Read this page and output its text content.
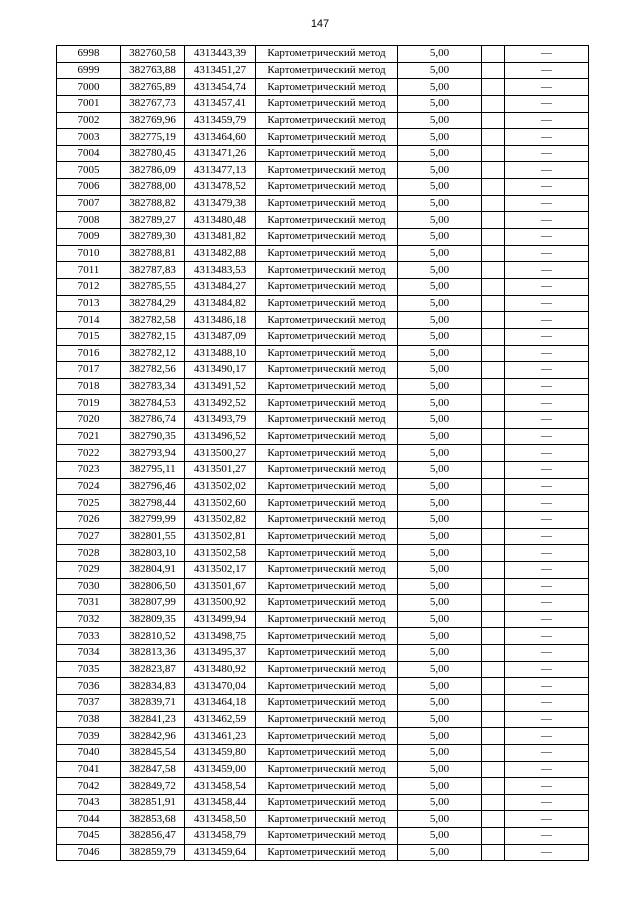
147
6998	382760,58	4313443,39	Картометрический метод	5,00		—
6999	382763,88	4313451,27	Картометрический метод	5,00		—
7000	382765,89	4313454,74	Картометрический метод	5,00		—
7001	382767,73	4313457,41	Картометрический метод	5,00		—
7002	382769,96	4313459,79	Картометрический метод	5,00		—
7003	382775,19	4313464,60	Картометрический метод	5,00		—
7004	382780,45	4313471,26	Картометрический метод	5,00		—
7005	382786,09	4313477,13	Картометрический метод	5,00		—
7006	382788,00	4313478,52	Картометрический метод	5,00		—
7007	382788,82	4313479,38	Картометрический метод	5,00		—
7008	382789,27	4313480,48	Картометрический метод	5,00		—
7009	382789,30	4313481,82	Картометрический метод	5,00		—
7010	382788,81	4313482,88	Картометрический метод	5,00		—
7011	382787,83	4313483,53	Картометрический метод	5,00		—
7012	382785,55	4313484,27	Картометрический метод	5,00		—
7013	382784,29	4313484,82	Картометрический метод	5,00		—
7014	382782,58	4313486,18	Картометрический метод	5,00		—
7015	382782,15	4313487,09	Картометрический метод	5,00		—
7016	382782,12	4313488,10	Картометрический метод	5,00		—
7017	382782,56	4313490,17	Картометрический метод	5,00		—
7018	382783,34	4313491,52	Картометрический метод	5,00		—
7019	382784,53	4313492,52	Картометрический метод	5,00		—
7020	382786,74	4313493,79	Картометрический метод	5,00		—
7021	382790,35	4313496,52	Картометрический метод	5,00		—
7022	382793,94	4313500,27	Картометрический метод	5,00		—
7023	382795,11	4313501,27	Картометрический метод	5,00		—
7024	382796,46	4313502,02	Картометрический метод	5,00		—
7025	382798,44	4313502,60	Картометрический метод	5,00		—
7026	382799,99	4313502,82	Картометрический метод	5,00		—
7027	382801,55	4313502,81	Картометрический метод	5,00		—
7028	382803,10	4313502,58	Картометрический метод	5,00		—
7029	382804,91	4313502,17	Картометрический метод	5,00		—
7030	382806,50	4313501,67	Картометрический метод	5,00		—
7031	382807,99	4313500,92	Картометрический метод	5,00		—
7032	382809,35	4313499,94	Картометрический метод	5,00		—
7033	382810,52	4313498,75	Картометрический метод	5,00		—
7034	382813,36	4313495,37	Картометрический метод	5,00		—
7035	382823,87	4313480,92	Картометрический метод	5,00		—
7036	382834,83	4313470,04	Картометрический метод	5,00		—
7037	382839,71	4313464,18	Картометрический метод	5,00		—
7038	382841,23	4313462,59	Картометрический метод	5,00		—
7039	382842,96	4313461,23	Картометрический метод	5,00		—
7040	382845,54	4313459,80	Картометрический метод	5,00		—
7041	382847,58	4313459,00	Картометрический метод	5,00		—
7042	382849,72	4313458,54	Картометрический метод	5,00		—
7043	382851,91	4313458,44	Картометрический метод	5,00		—
7044	382853,68	4313458,50	Картометрический метод	5,00		—
7045	382856,47	4313458,79	Картометрический метод	5,00		—
7046	382859,79	4313459,64	Картометрический метод	5,00		—
